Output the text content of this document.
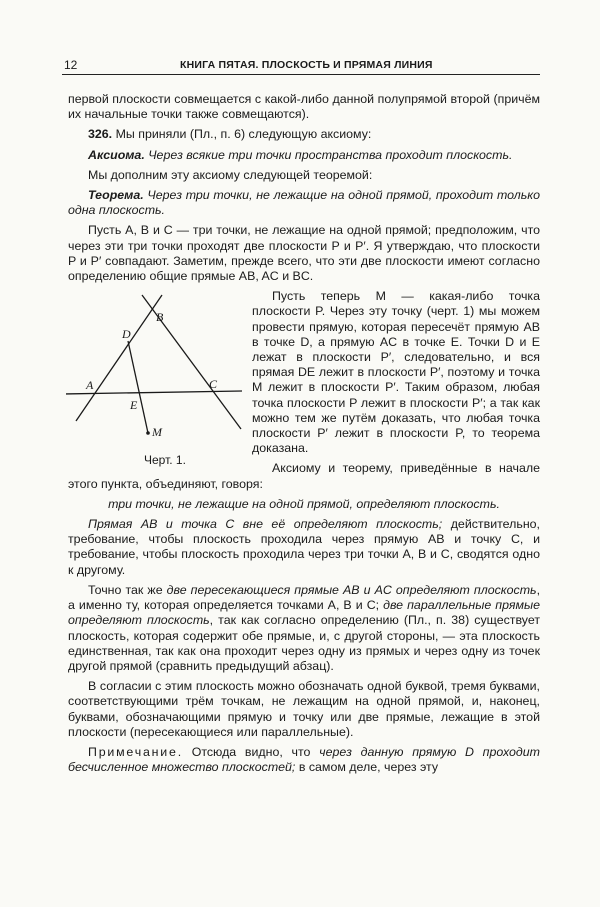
12	КНИГА ПЯТАЯ. ПЛОСКОСТЬ И ПРЯМАЯ ЛИНИЯ

первой плоскости совмещается с какой-либо данной полупрямой второй (причём их начальные точки также совмещаются).

326. Мы приняли (Пл., п. 6) следующую аксиому:

Аксиома. Через всякие три точки пространства проходит плоскость.

Мы дополним эту аксиому следующей теоремой:

Теорема. Через три точки, не лежащие на одной прямой, проходит только одна плоскость.

Пусть A, B и C — три точки, не лежащие на одной прямой; предположим, что через эти три точки проходят две плоскости P и P′. Я утверждаю, что плоскости P и P′ совпадают. Заметим, прежде всего, что эти две плоскости имеют согласно определению общие прямые AB, AC и BC.

A
B
C
D
E
M
Черт. 1.
Пусть теперь M — какая-либо точка плоскости P. Через эту точку (черт. 1) мы можем провести прямую, которая пересечёт прямую AB в точке D, а прямую AC в точке E. Точки D и E лежат в плоскости P′, следовательно, и вся прямая DE лежит в плоскости P′, поэтому и точка M лежит в плоскости P′. Таким образом, любая точка плоскости P лежит в плоскости P′; а так как можно тем же путём доказать, что любая точка плоскости P′ лежит в плоскости P, то теорема доказана.

Аксиому и теорему, приведённые в начале этого пункта, объединяют, говоря:

три точки, не лежащие на одной прямой, определяют плоскость.

Прямая AB и точка C вне её определяют плоскость; действительно, требование, чтобы плоскость проходила через прямую AB и точку C, и требование, чтобы плоскость проходила через три точки A, B и C, сводятся одно к другому.

Точно так же две пересекающиеся прямые AB и AC определяют плоскость, а именно ту, которая определяется точками A, B и C; две параллельные прямые определяют плоскость, так как согласно определению (Пл., п. 38) существует плоскость, которая содержит обе прямые, и, с другой стороны, — эта плоскость единственная, так как она проходит через одну из прямых и через одну из точек другой прямой (сравнить предыдущий абзац).

В согласии с этим плоскость можно обозначать одной буквой, тремя буквами, соответствующими трём точкам, не лежащим на одной прямой, и, наконец, буквами, обозначающими прямую и точку или две прямые, лежащие в этой плоскости (пересекающиеся или параллельные).

Примечание. Отсюда видно, что через данную прямую D проходит бесчисленное множество плоскостей; в самом деле, через эту
